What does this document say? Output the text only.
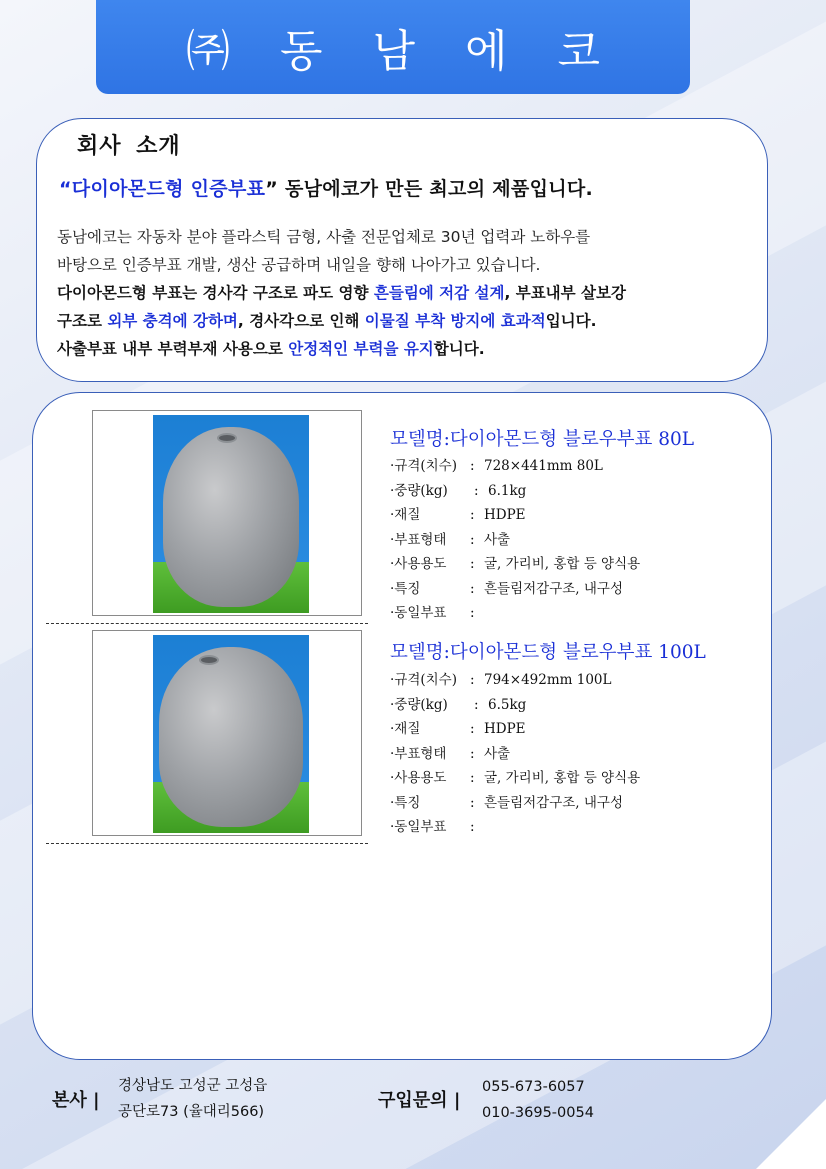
㈜ 동 남 에 코
회사 소개
“다이아몬드형 인증부표” 동남에코가 만든 최고의 제품입니다.
동남에코는 자동차 분야 플라스틱 금형, 사출 전문업체로 30년 업력과 노하우를
바탕으로 인증부표 개발, 생산 공급하며 내일을 향해 나아가고 있습니다.
다이아몬드형 부표는 경사각 구조로 파도 영향 흔들림에 저감 설계, 부표내부 살보강
구조로 외부 충격에 강하며, 경사각으로 인해 이물질 부착 방지에 효과적입니다.
사출부표 내부 부력부재 사용으로 안정적인 부력을 유지합니다.
모델명:다이아몬드형 블로우부표 80L
·규격(치수) : 728×441mm 80L
·중량(kg)	: 6.1kg
·재질	: HDPE
·부표형태	: 사출
·사용용도	: 굴, 가리비, 홍합 등 양식용
·특징	: 흔들림저감구조, 내구성
·동일부표	:
모델명:다이아몬드형 블로우부표 100L
·규격(치수) : 794×492mm 100L
·중량(kg)	: 6.5kg
·재질	: HDPE
·부표형태	: 사출
·사용용도	: 굴, 가리비, 홍합 등 양식용
·특징	: 흔들림저감구조, 내구성
·동일부표	:
본사 |
경상남도 고성군 고성읍
공단로73 (율대리566)
구입문의 |
055-673-6057
010-3695-0054
